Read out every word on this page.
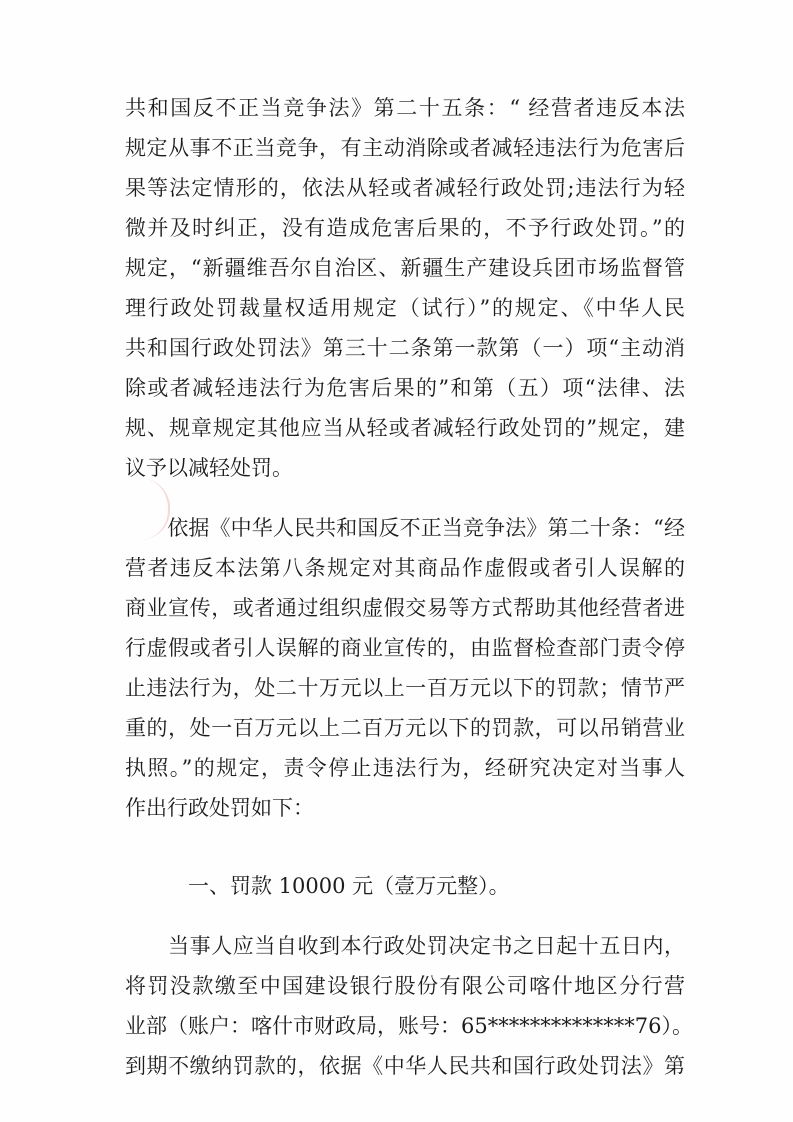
共和国反不正当竞争法》第二十五条：“ 经营者违反本法
规定从事不正当竞争，有主动消除或者减轻违法行为危害后
果等法定情形的，依法从轻或者减轻行政处罚;违法行为轻
微并及时纠正，没有造成危害后果的，不予行政处罚。”的
规定，“新疆维吾尔自治区、新疆生产建设兵团市场监督管
理行政处罚裁量权适用规定（试行）”的规定、《中华人民
共和国行政处罚法》第三十二条第一款第（一）项“主动消
除或者减轻违法行为危害后果的”和第（五）项“法律、法
规、规章规定其他应当从轻或者减轻行政处罚的”规定，建
议予以减轻处罚。
　　依据《中华人民共和国反不正当竞争法》第二十条：“经
营者违反本法第八条规定对其商品作虚假或者引人误解的
商业宣传，或者通过组织虚假交易等方式帮助其他经营者进
行虚假或者引人误解的商业宣传的，由监督检查部门责令停
止违法行为，处二十万元以上一百万元以下的罚款；情节严
重的，处一百万元以上二百万元以下的罚款，可以吊销营业
执照。”的规定，责令停止违法行为，经研究决定对当事人
作出行政处罚如下：
　　　一、罚款 10000 元（壹万元整）。
　　当事人应当自收到本行政处罚决定书之日起十五日内，
将罚没款缴至中国建设银行股份有限公司喀什地区分行营
业部（账户：喀什市财政局，账号：65**************76）。
到期不缴纳罚款的，依据《中华人民共和国行政处罚法》第
